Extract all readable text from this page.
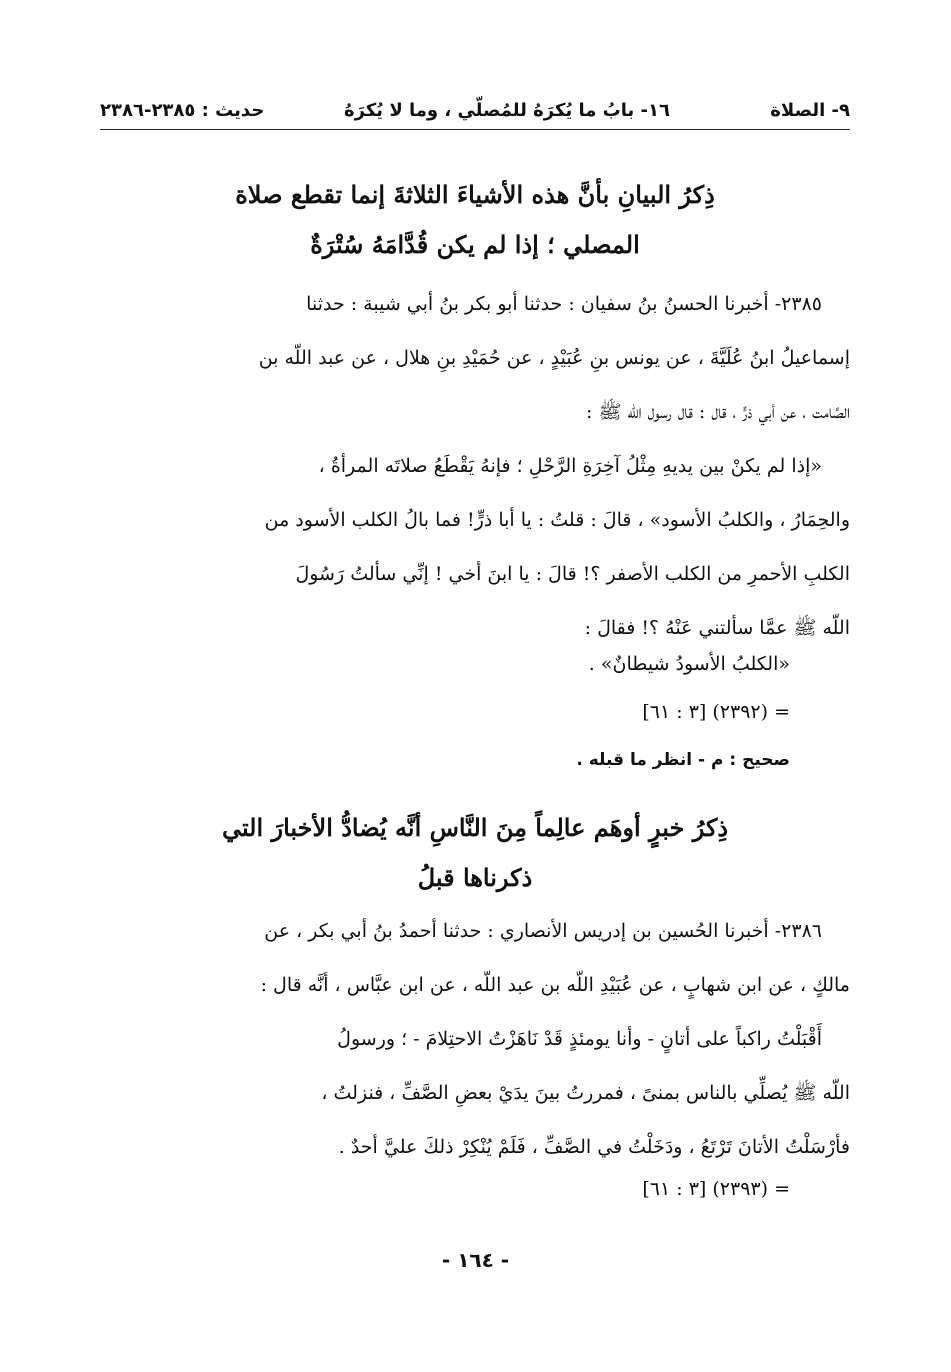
٩- الصلاة
١٦- بابُ ما يُكرَهُ للمُصلّي ، وما لا يُكرَهُ
حديث : ٢٣٨٥-٢٣٨٦
ذِكرُ البيانِ بأنَّ هذه الأشياءَ الثلاثةَ إنما تقطع صلاة
المصلي ؛ إذا لم يكن قُدَّامَهُ سُتْرَةٌ

٢٣٨٥- أخبرنا الحسنُ بنُ سفيان : حدثنا أبو بكر بنُ أبي شيبة : حدثنا

إسماعيلُ ابنُ عُلَيَّةَ ، عن يونس بنِ عُبَيْدٍ ، عن حُمَيْدِ بنِ هلال ، عن عبد اللّه بن

الصَّامت ، عن أبي ذرٍّ ، قال : قال رسول اللّه ﷺ :

«إذا لم يكنْ بين يديهِ مِثْلُ آخِرَةِ الرَّحْلِ ؛ فإنهُ يَقْطَعُ صلاتَه المرأةُ ،

والحِمَارُ ، والكلبُ الأسود» ، قالَ : قلتُ : يا أبا ذرٍّ! فما بالُ الكلب الأسود من

الكلبِ الأحمرِ من الكلب الأصفر ؟! قالَ : يا ابنَ أخي ! إنِّي سألتُ رَسُولَ

اللّه ﷺ عمَّا سألتني عَنْهُ ؟! فقالَ :

«الكلبُ الأسودُ شيطانٌ» .

= (٢٣٩٢) [٣ : ٦١]

صحيح : م - انظر ما قبله .

ذِكرُ خبرٍ أوهَم عالِماً مِنَ النَّاسِ أنَّه يُضادُّ الأخبارَ التي
ذكرناها قبلُ

٢٣٨٦- أخبرنا الحُسين بن إدريس الأنصاري : حدثنا أحمدُ بنُ أبي بكر ، عن

مالكٍ ، عن ابن شهابٍ ، عن عُبَيْدِ اللّه بن عبد اللّه ، عن ابن عبَّاس ، أنَّه قال :

أَقْبَلْتُ راكباً على أتانٍ - وأنا يومئذٍ قَدْ نَاهَزْتُ الاحتِلامَ - ؛ ورسولُ

اللّه ﷺ يُصلِّي بالناس بمنىً ، فمررتُ بينَ يدَيْ بعضِ الصَّفِّ ، فنزلتُ ،

فأرْسَلْتُ الأتانَ تَرْتَعُ ، ودَخَلْتُ في الصَّفِّ ، فَلَمْ يُنْكِرْ ذلكَ عليَّ أحدٌ .

= (٢٣٩٣) [٣ : ٦١]

- ١٦٤ -
